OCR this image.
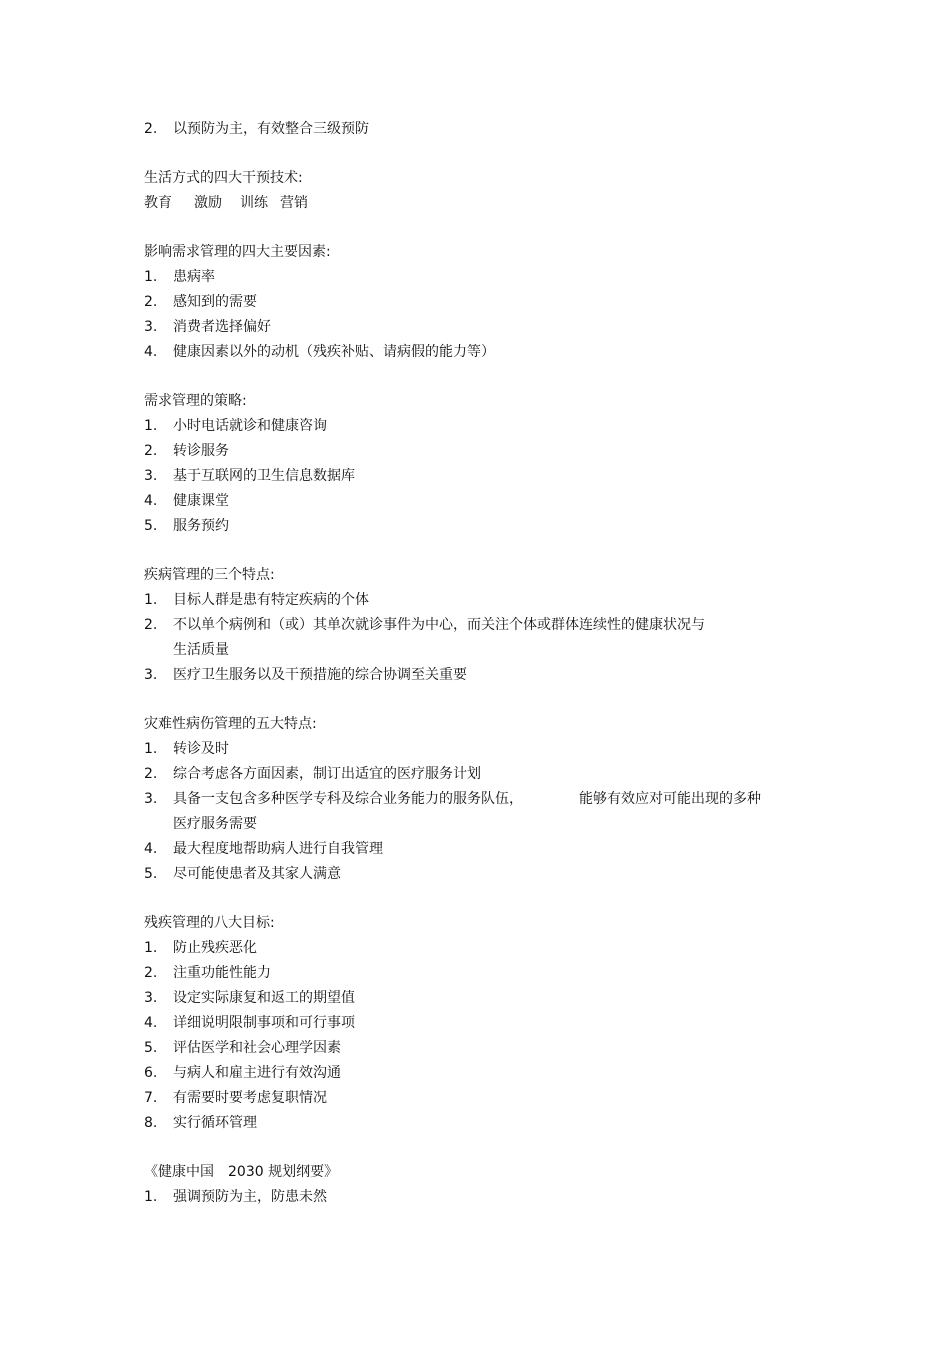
2. 以预防为主，有效整合三级预防
生活方式的四大干预技术:
教育 激励 训练 营销
影响需求管理的四大主要因素:
1. 患病率
2. 感知到的需要
3. 消费者选择偏好
4. 健康因素以外的动机（残疾补贴、请病假的能力等）
需求管理的策略:
1. 小时电话就诊和健康咨询
2. 转诊服务
3. 基于互联网的卫生信息数据库
4. 健康课堂
5. 服务预约
疾病管理的三个特点:
1. 目标人群是患有特定疾病的个体
2. 不以单个病例和（或）其单次就诊事件为中心，而关注个体或群体连续性的健康状况与
生活质量
3. 医疗卫生服务以及干预措施的综合协调至关重要
灾难性病伤管理的五大特点:
1. 转诊及时
2. 综合考虑各方面因素，制订出适宜的医疗服务计划
3. 具备一支包含多种医学专科及综合业务能力的服务队伍，	能够有效应对可能出现的多种
医疗服务需要
4. 最大程度地帮助病人进行自我管理
5. 尽可能使患者及其家人满意
残疾管理的八大目标:
1. 防止残疾恶化
2. 注重功能性能力
3. 设定实际康复和返工的期望值
4. 详细说明限制事项和可行事项
5. 评估医学和社会心理学因素
6. 与病人和雇主进行有效沟通
7. 有需要时要考虑复职情况
8. 实行循环管理
《健康中国 2030 规划纲要》
1. 强调预防为主，防患未然
